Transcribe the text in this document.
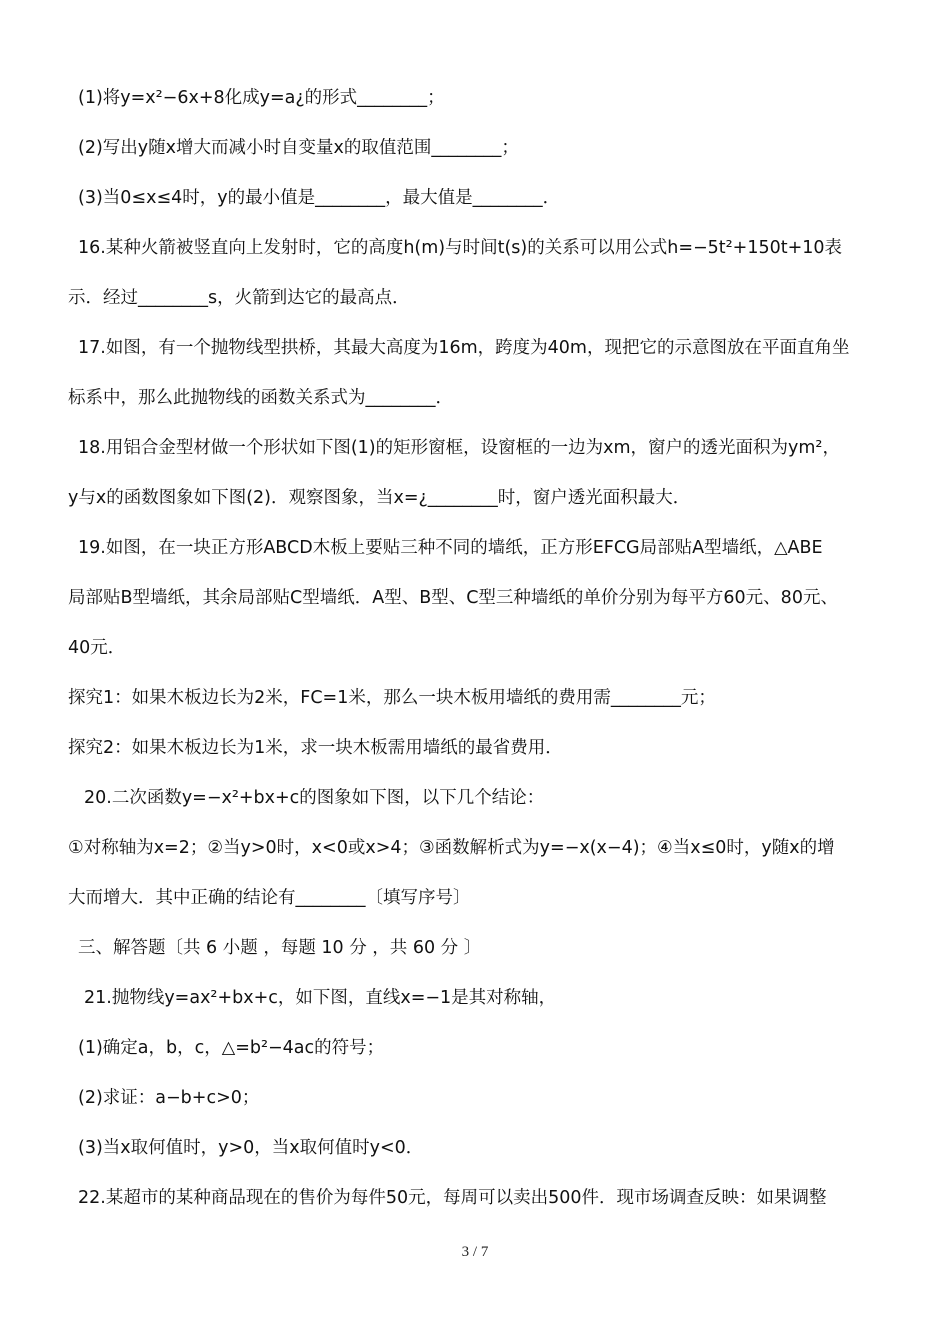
(1)将y=x²−6x+8化成y=a¿的形式________；
(2)写出y随x增大而减小时自变量x的取值范围________；
(3)当0≤x≤4时，y的最小值是________，最大值是________．
16.某种火箭被竖直向上发射时，它的高度h(m)与时间t(s)的关系可以用公式h=−5t²+150t+10表
示．经过________s，火箭到达它的最高点．
17.如图，有一个抛物线型拱桥，其最大高度为16m，跨度为40m，现把它的示意图放在平面直角坐
标系中，那么此抛物线的函数关系式为________．
18.用铝合金型材做一个形状如下图(1)的矩形窗框，设窗框的一边为xm，窗户的透光面积为ym²，
y与x的函数图象如下图(2)．观察图象，当x=¿________时，窗户透光面积最大．
19.如图，在一块正方形ABCD木板上要贴三种不同的墙纸，正方形EFCG局部贴A型墙纸，△ABE
局部贴B型墙纸，其余局部贴C型墙纸．A型、B型、C型三种墙纸的单价分别为每平方60元、80元、
40元．
探究1：如果木板边长为2米，FC=1米，那么一块木板用墙纸的费用需________元；
探究2：如果木板边长为1米，求一块木板需用墙纸的最省费用．
20.二次函数y=−x²+bx+c的图象如下图，以下几个结论：
①对称轴为x=2；②当y>0时，x<0或x>4；③函数解析式为y=−x(x−4)；④当x≤0时，y随x的增
大而增大．其中正确的结论有________〔填写序号〕
三、解答题〔共 6 小题 ，每题 10 分 ，共 60 分 〕
21.抛物线y=ax²+bx+c，如下图，直线x=−1是其对称轴，
(1)确定a，b，c，△=b²−4ac的符号；
(2)求证：a−b+c>0；
(3)当x取何值时，y>0，当x取何值时y<0．
22.某超市的某种商品现在的售价为每件50元，每周可以卖出500件．现市场调查反映：如果调整
3 / 7
